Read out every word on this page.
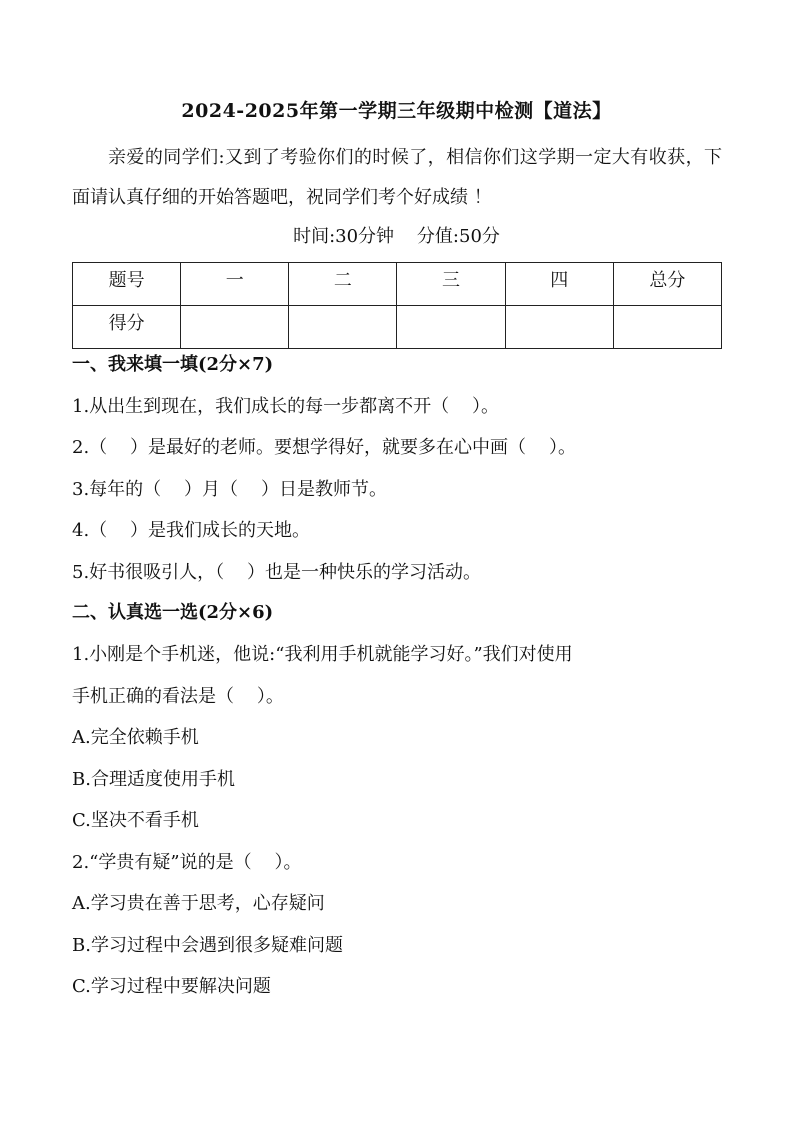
2024-2025年第一学期三年级期中检测【道法】
亲爱的同学们:又到了考验你们的时候了，相信你们这学期一定大有收获，下面请认真仔细的开始答题吧，祝同学们考个好成绩 ！
时间:30分钟    分值:50分
题号	一	二	三	四	总分
得分					
一、我来填一填(2分×7)
1.从出生到现在，我们成长的每一步都离不开（    ）。
2.（    ）是最好的老师。要想学得好，就要多在心中画（    ）。
3.每年的（    ）月（    ）日是教师节。
4.（    ）是我们成长的天地。
5.好书很吸引人，（    ）也是一种快乐的学习活动。
二、认真选一选(2分×6)
1.小刚是个手机迷，他说:“我利用手机就能学习好。”我们对使用
手机正确的看法是（    ）。
A.完全依赖手机
B.合理适度使用手机
C.坚决不看手机
2.“学贵有疑”说的是（    ）。
A.学习贵在善于思考，心存疑问
B.学习过程中会遇到很多疑难问题
C.学习过程中要解决问题
